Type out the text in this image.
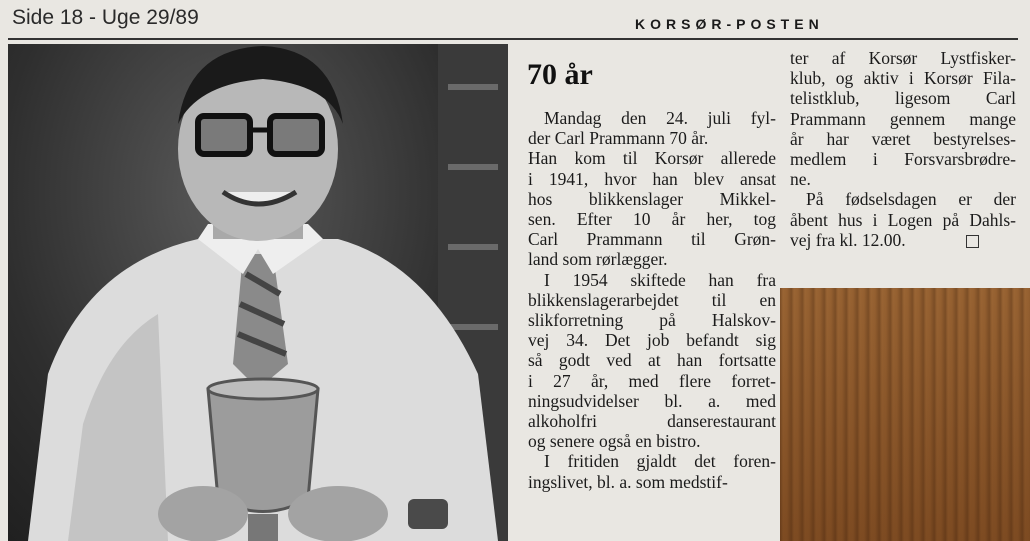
Side 18 - Uge 29/89	KORSØR-POSTEN
70 år

Mandag den 24. juli fyl-

der Carl Prammann 70 år.

Han kom til Korsør allerede

i 1941, hvor han blev ansat

hos blikkenslager Mikkel-

sen. Efter 10 år her, tog

Carl Prammann til Grøn-

land som rørlægger.

I 1954 skiftede han fra

blikkenslagerarbejdet til en

slikforretning på Halskov-

vej 34. Det job befandt sig

så godt ved at han fortsatte

i 27 år, med flere forret-

ningsudvidelser bl. a. med

alkoholfri danserestaurant

og senere også en bistro.

I fritiden gjaldt det foren-

ingslivet, bl. a. som medstif-

ter af Korsør Lystfisker-

klub, og aktiv i Korsør Fila-

telistklub, ligesom Carl

Prammann gennem mange

år har været bestyrelses-

medlem i Forsvarsbrødre-

ne.

På fødselsdagen er der

åbent hus i Logen på Dahls-

vej fra kl. 12.00.
